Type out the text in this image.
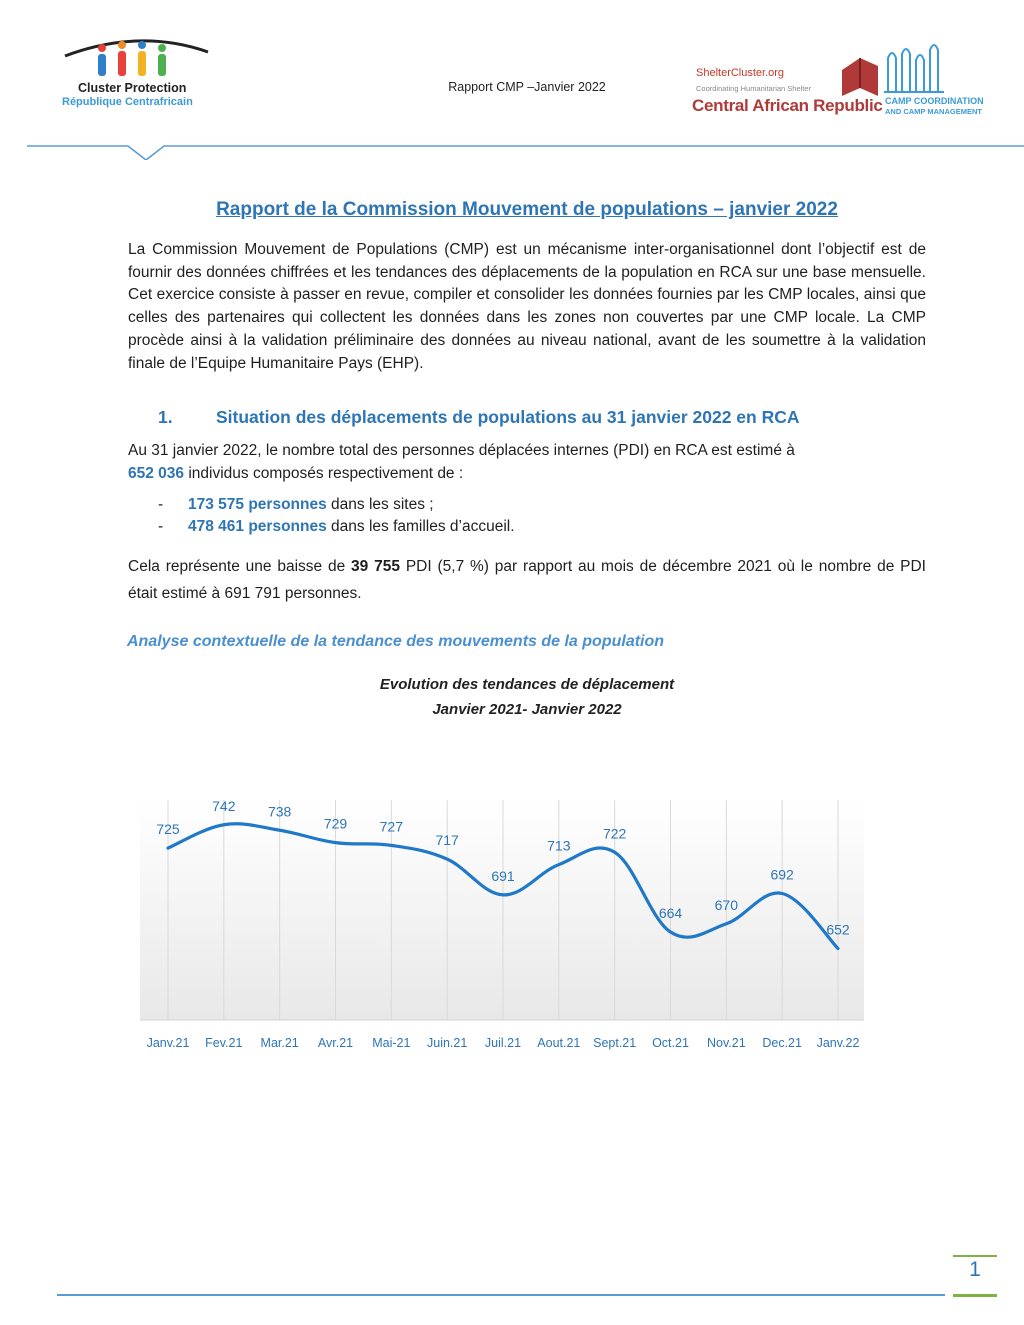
Cluster Protection
République Centrafricain
Rapport CMP –Janvier 2022
ShelterCluster.org
Coordinating Humanitarian Shelter
Central African Republic CAMP COORDINATION
AND CAMP MANAGEMENT
Rapport de la Commission Mouvement de populations – janvier 2022
La Commission Mouvement de Populations (CMP) est un mécanisme inter-organisationnel dont l’objectif est de fournir des données chiffrées et les tendances des déplacements de la population en RCA sur une base mensuelle. Cet exercice consiste à passer en revue, compiler et consolider les données fournies par les CMP locales, ainsi que celles des partenaires qui collectent les données dans les zones non couvertes par une CMP locale. La CMP procède ainsi à la validation préliminaire des données au niveau national, avant de les soumettre à la validation finale de l’Equipe Humanitaire Pays (EHP).
1. Situation des déplacements de populations au 31 janvier 2022 en RCA
Au 31 janvier 2022, le nombre total des personnes déplacées internes (PDI) en RCA est estimé à
652 036 individus composés respectivement de :
- 173 575 personnes dans les sites ;
- 478 461 personnes dans les familles d’accueil.
Cela représente une baisse de 39 755 PDI (5,7 %) par rapport au mois de décembre 2021 où le nombre de PDI était estimé à 691 791 personnes.
Analyse contextuelle de la tendance des mouvements de la population
Evolution des tendances de déplacement
Janvier 2021- Janvier 2022
725
742 738
729 727
717
691
713
722
664
670
692
652
Janv.21 Fev.21 Mar.21 Avr.21 Mai-21 Juin.21 Juil.21 Aout.21 Sept.21 Oct.21 Nov.21 Dec.21 Janv.22
1
